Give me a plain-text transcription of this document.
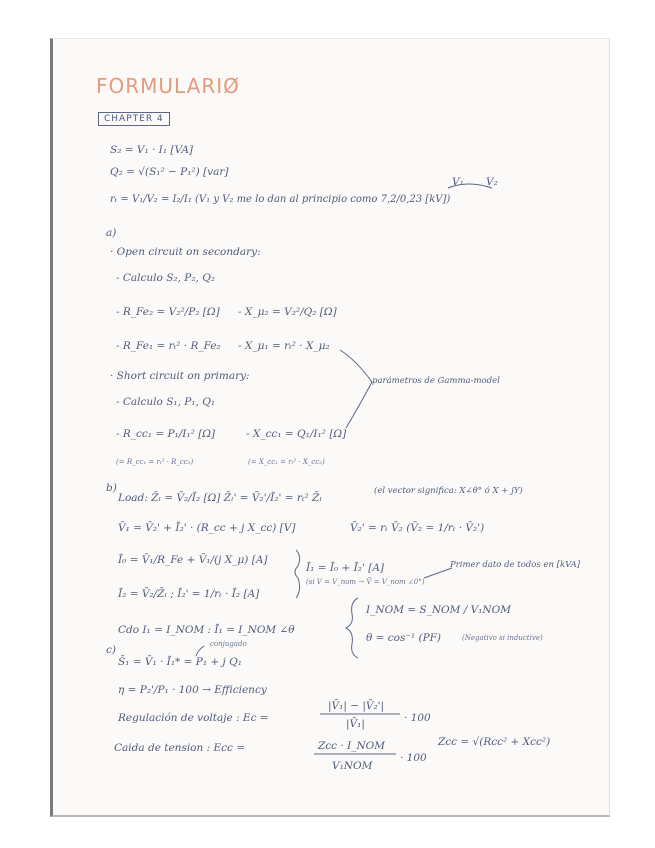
FORMULARIØ
CHAPTER 4
S₂ = V₁ · I₁ [VA]
Q₂ = √(S₁² − P₁²) [var]
V₁ V₂
rₜ = V₁/V₂ = I₂/I₁ (V₁ y V₂ me lo dan al principio como 7,2/0,23 [kV])
a)
· Open circuit on secondary:
- Calculo S₂, P₂, Q₂
- R_Fe₂ = V₂²/P₂ [Ω] - X_μ₂ = V₂²/Q₂ [Ω]
- R_Fe₁ = rₜ² · R_Fe₂ - X_μ₁ = rₜ² · X_μ₂
parámetros de Gamma-model
· Short circuit on primary:
- Calculo S₁, P₁, Q₁
- R_cc₁ = P₁/I₁² [Ω]	- X_cc₁ = Q₁/I₁² [Ω]
(= R_cc₁ = rₜ² · R_cc₂)	(= X_cc₁ = rₜ² · X_cc₂)
b)
Load: Z̄ₗ = V̄₂/Ī₂ [Ω] Z̄ₗ' = V̄₂'/Ī₂' = rₜ² Z̄ₗ
(el vector significa: X∠θ° ó X + jY)
V̄₁ = V̄₂' + Ī₂' · (R_cc + j X_cc) [V]	V̄₂' = rₜ V̄₂ (V̄₂ = 1/rₜ · V̄₂')
Ī₀ = V̄₁/R_Fe + V̄₁/(j X_μ) [A]
Ī₁ = Ī₀ + Ī₂' [A]
(si V = V_nom → V̄ = V_nom ∠0°)
Primer dato de todos en [kVA]
Ī₂ = V̄₂/Z̄ₗ ; Ī₂' = 1/rₜ · Ī₂ [A]
Cdo I₁ = I_NOM : Ī₁ = I_NOM ∠θ
I_NOM = S_NOM / V₁NOM
θ = cos⁻¹ (PF)	(Negativo si inductive)
c)	conjugado
S̄₁ = V̄₁ · Ī₁* = P₁ + j Q₁
η = P₂'/P₁ · 100 → Efficiency
Regulación de voltaje : Ec =
|V̄₁| − |V̄₂'|
|V̄₁|	· 100
Caida de tension : Ecc =	Zcc · I_NOM
V₁NOM
· 100
Zcc = √(Rcc² + Xcc²)
